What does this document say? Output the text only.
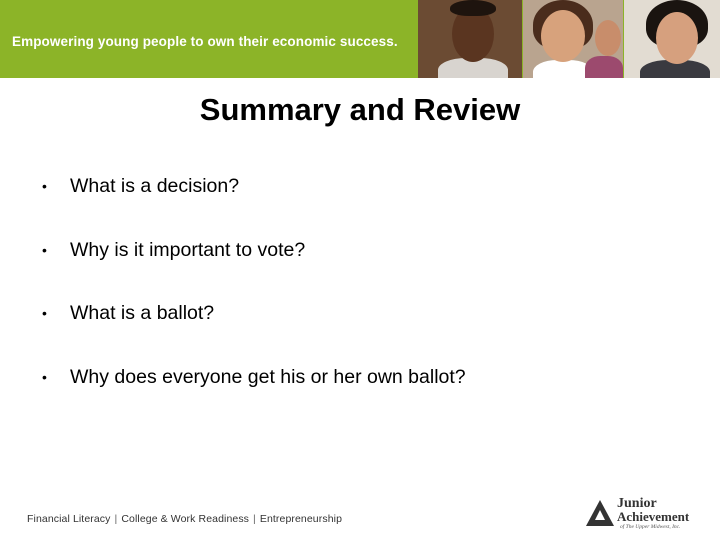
Empowering young people to own their economic success.
Summary and Review
• What is a decision?
• Why is it important to vote?
• What is a ballot?
• Why does everyone get his or her own ballot?
Financial Literacy | College & Work Readiness | Entrepreneurship
Junior
Achievement
of The Upper Midwest, Inc.
